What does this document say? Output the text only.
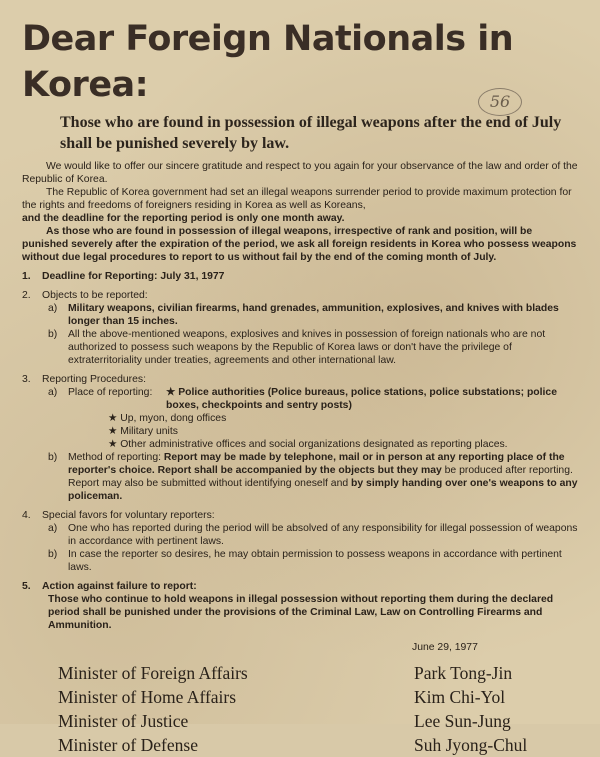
Dear Foreign Nationals in Korea:
Those who are found in possession of illegal weapons after the end of July shall be punished severely by law.
56

We would like to offer our sincere gratitude and respect to you again for your observance of the law and order of the Republic of Korea.

The Republic of Korea government had set an illegal weapons surrender period to provide maximum protection for the rights and freedoms of foreigners residing in Korea as well as Koreans,

and the deadline for the reporting period is only one month away.

As those who are found in possession of illegal weapons, irrespective of rank and position, will be punished severely after the expiration of the period, we ask all foreign residents in Korea who possess weapons without due legal procedures to report to us without fail by the end of the coming month of July.

1.	Deadline for Reporting: July 31, 1977
2.	Objects to be reported:
a)	Military weapons, civilian firearms, hand grenades, ammunition, explosives, and knives with blades longer than 15 inches.
b)	All the above-mentioned weapons, explosives and knives in possession of foreign nationals who are not authorized to possess such weapons by the Republic of Korea laws or don't have the privilege of extraterritoriality under treaties, agreements and other international law.
3.	Reporting Procedures:
a)	Place of reporting: ★ Police authorities (Police bureaus, police stations, police substations; police boxes, checkpoints and sentry posts)
★ Up, myon, dong offices
★ Military units
★ Other administrative offices and social organizations designated as reporting places.
b)	Method of reporting: Report may be made by telephone, mail or in person at any reporting place of the reporter's choice. Report shall be accompanied by the objects but they may be produced after reporting. Report may also be submitted without identifying oneself and by simply handing over one's weapons to any policeman.
4.	Special favors for voluntary reporters:
a)	One who has reported during the period will be absolved of any responsibility for illegal possession of weapons in accordance with pertinent laws.
b)	In case the reporter so desires, he may obtain permission to possess weapons in accordance with pertinent laws.
5.	Action against failure to report:
Those who continue to hold weapons in illegal possession without reporting them during the declared period shall be punished under the provisions of the Criminal Law, Law on Controlling Firearms and Ammunition.
June 29, 1977
Minister of Foreign Affairs	Park Tong-Jin
Minister of Home Affairs	Kim Chi-Yol
Minister of Justice	Lee Sun-Jung
Minister of Defense	Suh Jyong-Chul
